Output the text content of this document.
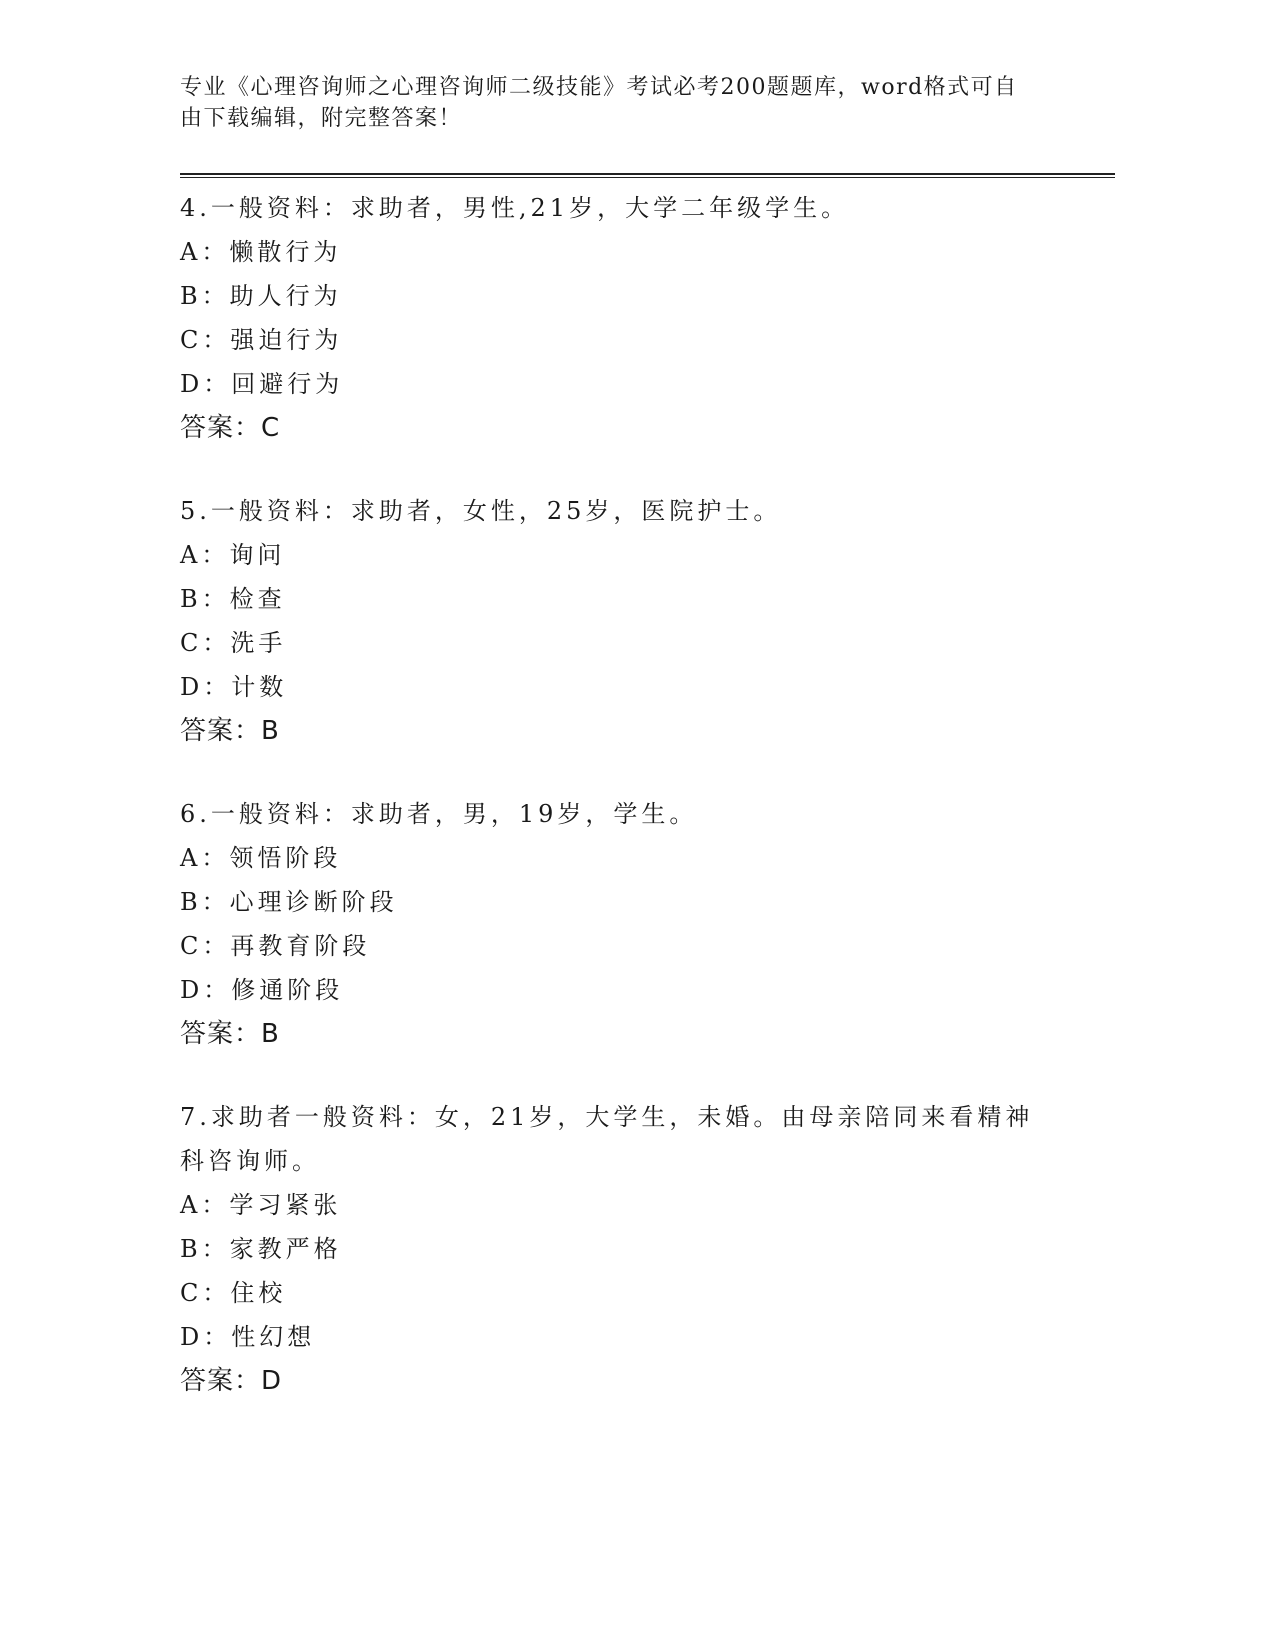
专业《心理咨询师之心理咨询师二级技能》考试必考200题题库，word格式可自由下载编辑，附完整答案！
4.一般资料：求助者，男性,21岁，大学二年级学生。
A：懒散行为
B：助人行为
C：强迫行为
D：回避行为
答案：C
5.一般资料：求助者，女性，25岁，医院护士。
A：询问
B：检查
C：洗手
D：计数
答案：B
6.一般资料：求助者，男，19岁，学生。
A：领悟阶段
B：心理诊断阶段
C：再教育阶段
D：修通阶段
答案：B
7.求助者一般资料：女，21岁，大学生，未婚。由母亲陪同来看精神科咨询师。
A：学习紧张
B：家教严格
C：住校
D：性幻想
答案：D
